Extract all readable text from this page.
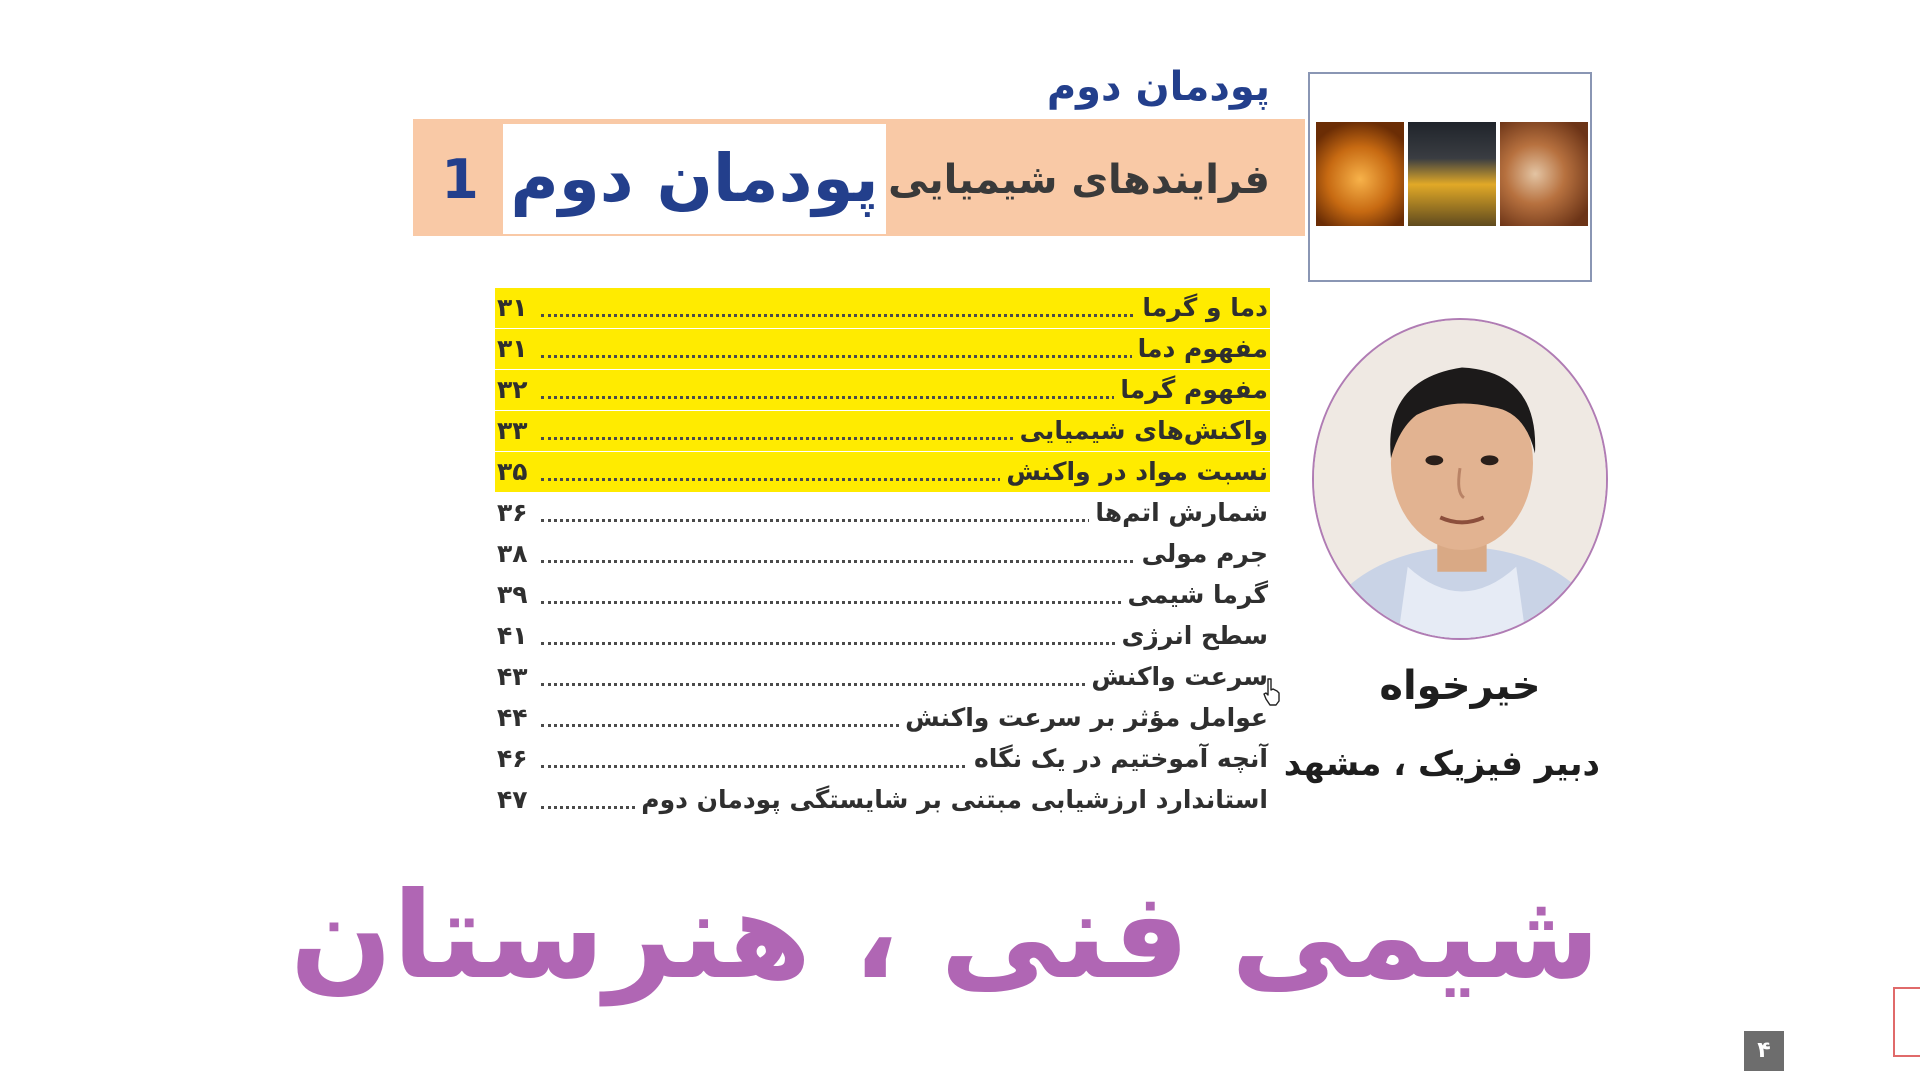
پودمان دوم
1 پودمان دوم فرایندهای شیمیایی
دما و گرما
۳۱
مفهوم دما
۳۱
مفهوم گرما
۳۲
واکنش‌های شیمیایی
۳۳
نسبت مواد در واکنش
۳۵
شمارش اتم‌ها
۳۶
جرم مولی
۳۸
گرما شیمی
۳۹
سطح انرژی
۴۱
سرعت واکنش
۴۳
عوامل مؤثر بر سرعت واکنش
۴۴
آنچه آموختیم در یک نگاه
۴۶
استاندارد ارزشیابی مبتنی بر شایستگی پودمان دوم
۴۷
خیرخواه
دبیر فیزیک ، مشهد
شیمی فنی ، هنرستان
۴
